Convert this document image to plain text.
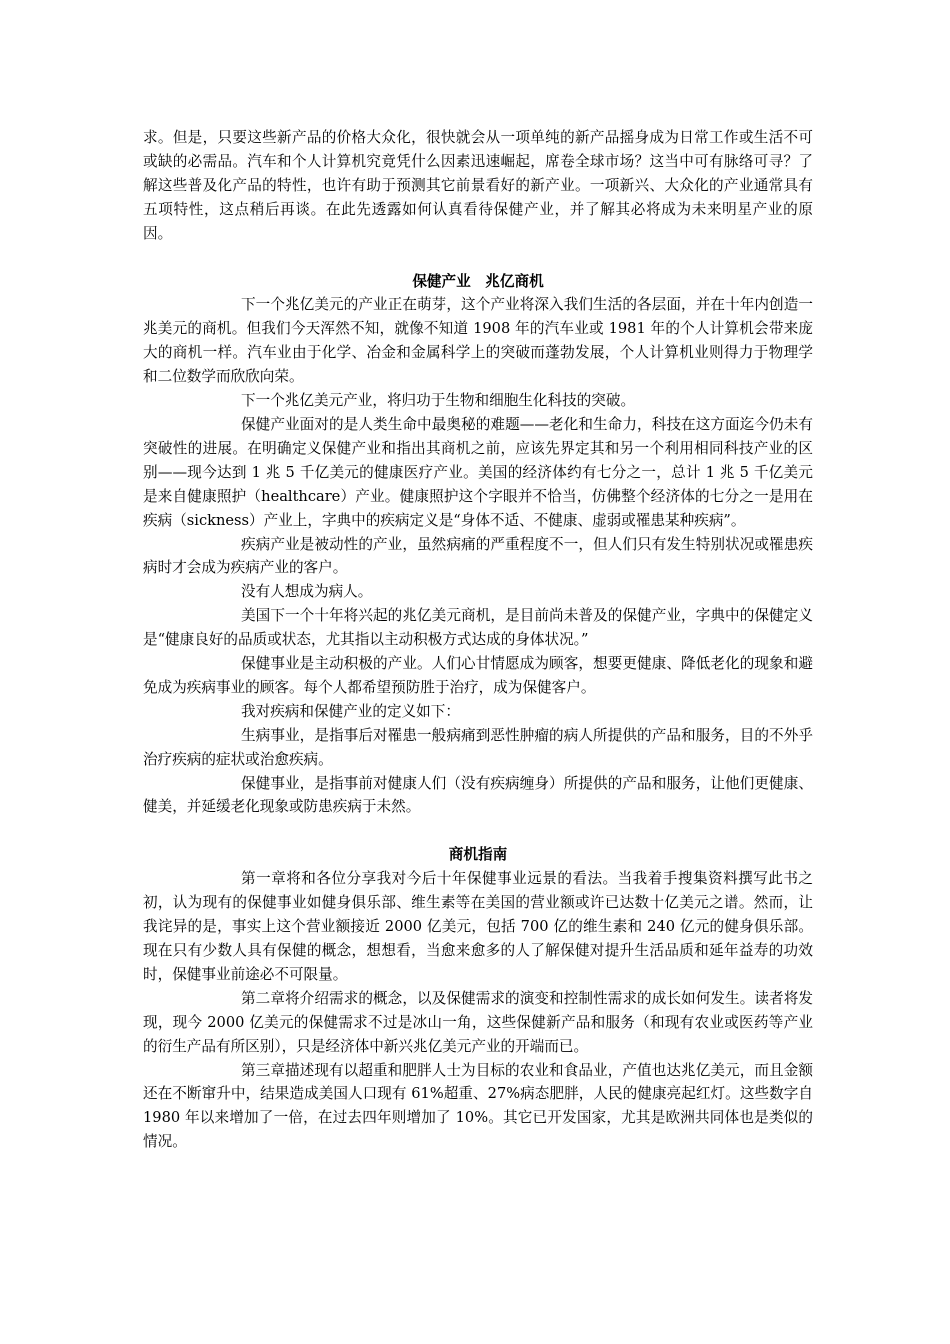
求。但是，只要这些新产品的价格大众化，很快就会从一项单纯的新产品摇身成为日常工作或生活不可或缺的必需品。汽车和个人计算机究竟凭什么因素迅速崛起，席卷全球市场？这当中可有脉络可寻？了解这些普及化产品的特性，也许有助于预测其它前景看好的新产业。一项新兴、大众化的产业通常具有五项特性，这点稍后再谈。在此先透露如何认真看待保健产业，并了解其必将成为未来明星产业的原因。

保健产业　兆亿商机

下一个兆亿美元的产业正在萌芽，这个产业将深入我们生活的各层面，并在十年内创造一兆美元的商机。但我们今天浑然不知，就像不知道 1908 年的汽车业或 1981 年的个人计算机会带来庞大的商机一样。汽车业由于化学、冶金和金属科学上的突破而蓬勃发展，个人计算机业则得力于物理学和二位数学而欣欣向荣。

下一个兆亿美元产业，将归功于生物和细胞生化科技的突破。

保健产业面对的是人类生命中最奥秘的难题——老化和生命力，科技在这方面迄今仍未有突破性的进展。在明确定义保健产业和指出其商机之前，应该先界定其和另一个利用相同科技产业的区别——现今达到 1 兆 5 千亿美元的健康医疗产业。美国的经济体约有七分之一，总计 1 兆 5 千亿美元是来自健康照护（healthcare）产业。健康照护这个字眼并不恰当，仿佛整个经济体的七分之一是用在疾病（sickness）产业上，字典中的疾病定义是“身体不适、不健康、虚弱或罹患某种疾病”。

疾病产业是被动性的产业，虽然病痛的严重程度不一，但人们只有发生特别状况或罹患疾病时才会成为疾病产业的客户。

没有人想成为病人。

美国下一个十年将兴起的兆亿美元商机，是目前尚未普及的保健产业，字典中的保健定义是“健康良好的品质或状态，尤其指以主动积极方式达成的身体状况。”

保健事业是主动积极的产业。人们心甘情愿成为顾客，想要更健康、降低老化的现象和避免成为疾病事业的顾客。每个人都希望预防胜于治疗，成为保健客户。

我对疾病和保健产业的定义如下：

生病事业，是指事后对罹患一般病痛到恶性肿瘤的病人所提供的产品和服务，目的不外乎治疗疾病的症状或治愈疾病。

保健事业，是指事前对健康人们（没有疾病缠身）所提供的产品和服务，让他们更健康、健美，并延缓老化现象或防患疾病于未然。

商机指南

第一章将和各位分享我对今后十年保健事业远景的看法。当我着手搜集资料撰写此书之初，认为现有的保健事业如健身俱乐部、维生素等在美国的营业额或许已达数十亿美元之谱。然而，让我诧异的是，事实上这个营业额接近 2000 亿美元，包括 700 亿的维生素和 240 亿元的健身俱乐部。现在只有少数人具有保健的概念，想想看，当愈来愈多的人了解保健对提升生活品质和延年益寿的功效时，保健事业前途必不可限量。

第二章将介绍需求的概念，以及保健需求的演变和控制性需求的成长如何发生。读者将发现，现今 2000 亿美元的保健需求不过是冰山一角，这些保健新产品和服务（和现有农业或医药等产业的衍生产品有所区别），只是经济体中新兴兆亿美元产业的开端而已。

第三章描述现有以超重和肥胖人士为目标的农业和食品业，产值也达兆亿美元，而且金额还在不断窜升中，结果造成美国人口现有 61%超重、27%病态肥胖，人民的健康亮起红灯。这些数字自 1980 年以来增加了一倍，在过去四年则增加了 10%。其它已开发国家，尤其是欧洲共同体也是类似的情况。
